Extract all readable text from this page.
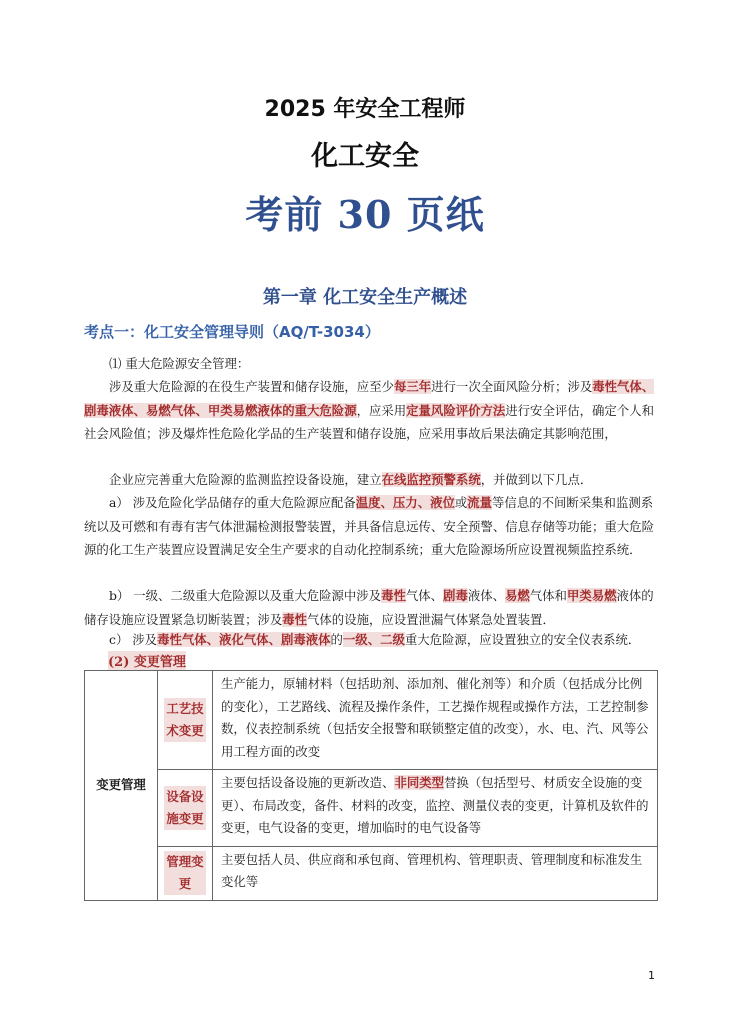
2025 年安全工程师
化工安全
考前 30 页纸
第一章 化工安全生产概述
考点一：化工安全管理导则（AQ/T-3034）
⑴ 重大危险源安全管理：
涉及重大危险源的在役生产装置和储存设施，应至少每三年进行一次全面风险分析；涉及毒性气体、剧毒液体、易燃气体、甲类易燃液体的重大危险源，应采用定量风险评价方法进行安全评估，确定个人和社会风险值；涉及爆炸性危险化学品的生产装置和储存设施，应采用事故后果法确定其影响范围，
企业应完善重大危险源的监测监控设备设施，建立在线监控预警系统，并做到以下几点．
a） 涉及危险化学品储存的重大危险源应配备温度、压力、液位或流量等信息的不间断采集和监测系统以及可燃和有毒有害气体泄漏检测报警装置，并具备信息远传、安全预警、信息存储等功能；重大危险源的化工生产装置应设置满足安全生产要求的自动化控制系统；重大危险源场所应设置视频监控系统．
b） 一级、二级重大危险源以及重大危险源中涉及毒性气体、剧毒液体、易燃气体和甲类易燃液体的储存设施应设置紧急切断装置；涉及毒性气体的设施，应设置泄漏气体紧急处置装置．
c） 涉及毒性气体、液化气体、剧毒液体的一级、二级重大危险源，应设置独立的安全仪表系统．
(2) 变更管理
变更管理	工艺技术变更	生产能力，原辅材料（包括助剂、添加剂、催化剂等）和介质（包括成分比例的变化），工艺路线、流程及操作条件，工艺操作规程或操作方法，工艺控制参数，仪表控制系统（包括安全报警和联锁整定值的改变），水、电、汽、风等公用工程方面的改变
	设备设施变更	主要包括设备设施的更新改造、非同类型替换（包括型号、材质安全设施的变更）、布局改变，备件、材料的改变，监控、测量仪表的变更，计算机及软件的变更，电气设备的变更，增加临时的电气设备等
	管理变更	主要包括人员、供应商和承包商、管理机构、管理职责、管理制度和标准发生变化等
1
